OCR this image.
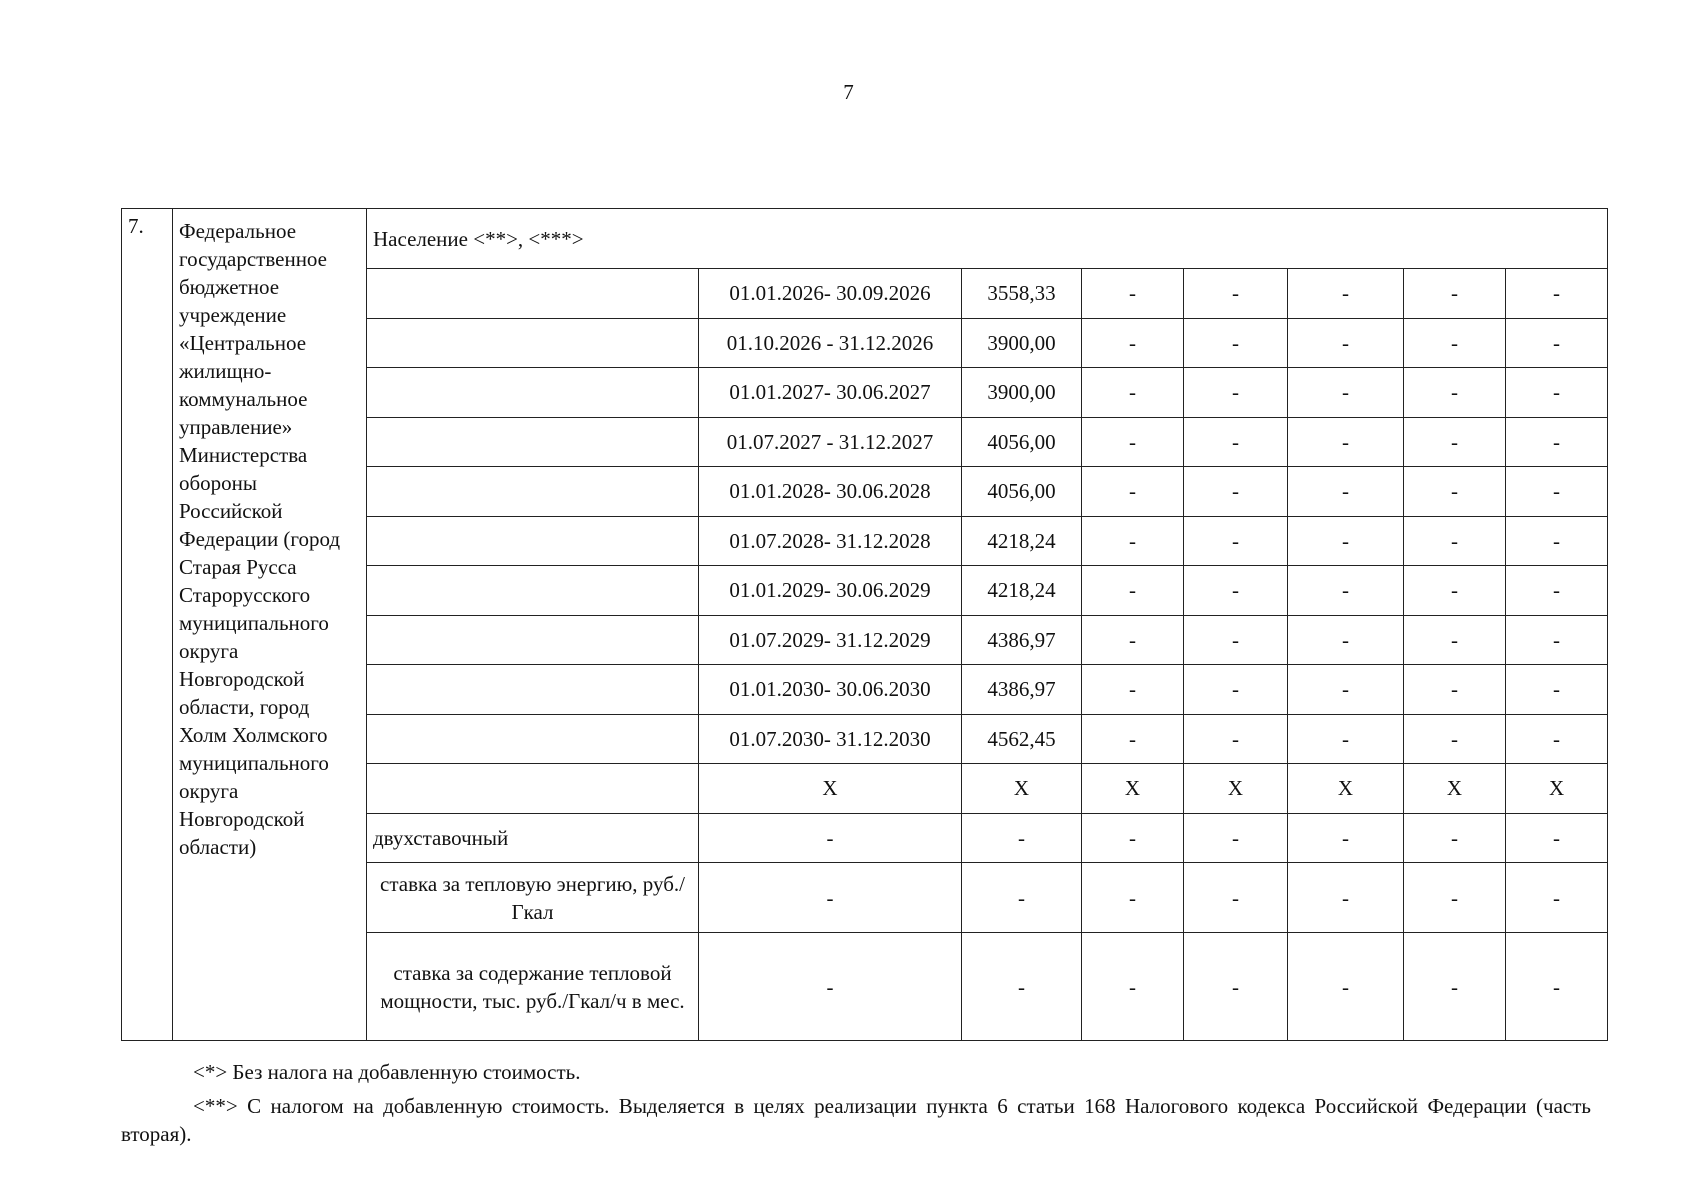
7
7.	Федеральное государственное бюджетное учреждение «Центральное жилищно-коммунальное управление» Министерства обороны Российской Федерации (город Старая Русса Старорусского муниципального округа Новгородской области, город Холм Холмского муниципального округа Новгородской области)	Население <**>, <***>							
			01.01.2026- 30.09.2026	3558,33	-	-	-	-	-
			01.10.2026 - 31.12.2026	3900,00	-	-	-	-	-
			01.01.2027- 30.06.2027	3900,00	-	-	-	-	-
			01.07.2027 - 31.12.2027	4056,00	-	-	-	-	-
			01.01.2028- 30.06.2028	4056,00	-	-	-	-	-
			01.07.2028- 31.12.2028	4218,24	-	-	-	-	-
			01.01.2029- 30.06.2029	4218,24	-	-	-	-	-
			01.07.2029- 31.12.2029	4386,97	-	-	-	-	-
			01.01.2030- 30.06.2030	4386,97	-	-	-	-	-
			01.07.2030- 31.12.2030	4562,45	-	-	-	-	-
			X	X	X	X	X	X	X
		двухставочный	-	-	-	-	-	-	-
		ставка за тепловую энергию, руб./Гкал	-	-	-	-	-	-	-
		ставка за содержание тепловой мощности, тыс. руб./Гкал/ч в мес.	-	-	-	-	-	-	-

<*> Без налога на добавленную стоимость.

<**> С налогом на добавленную стоимость. Выделяется в целях реализации пункта 6 статьи 168 Налогового кодекса Российской Федерации (часть вторая).
